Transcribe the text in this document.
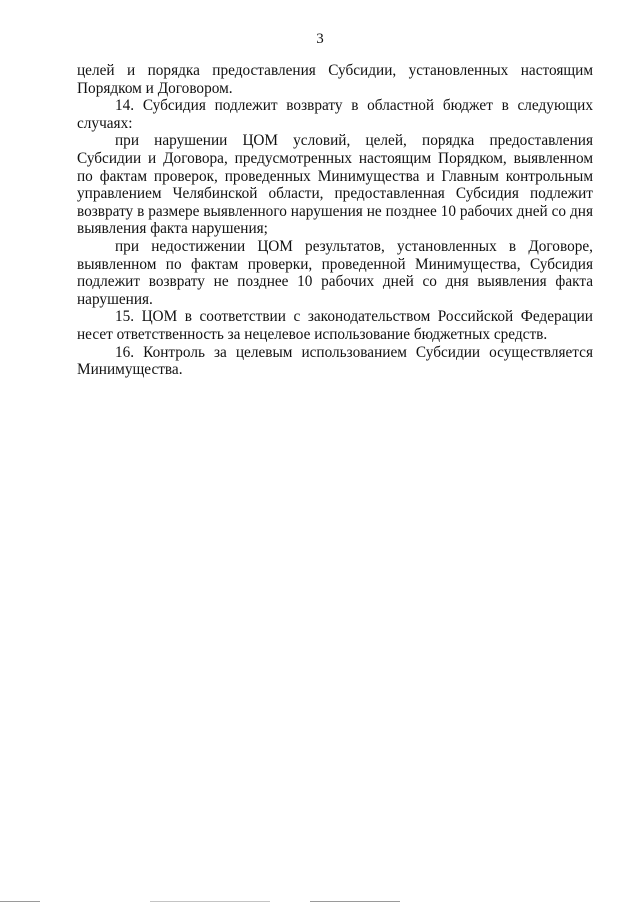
3

целей и порядка предоставления Субсидии, установленных настоящим Порядком и Договором.

14. Субсидия подлежит возврату в областной бюджет в следующих случаях:

при нарушении ЦОМ условий, целей, порядка предоставления Субсидии и Договора, предусмотренных настоящим Порядком, выявленном по фактам проверок, проведенных Минимущества и Главным контрольным управлением Челябинской области, предоставленная Субсидия подлежит возврату в размере выявленного нарушения не позднее 10 рабочих дней со дня выявления факта нарушения;

при недостижении ЦОМ результатов, установленных в Договоре, выявленном по фактам проверки, проведенной Минимущества, Субсидия подлежит возврату не позднее 10 рабочих дней со дня выявления факта нарушения.

15. ЦОМ в соответствии с законодательством Российской Федерации несет ответственность за нецелевое использование бюджетных средств.

16. Контроль за целевым использованием Субсидии осуществляется Минимущества.
